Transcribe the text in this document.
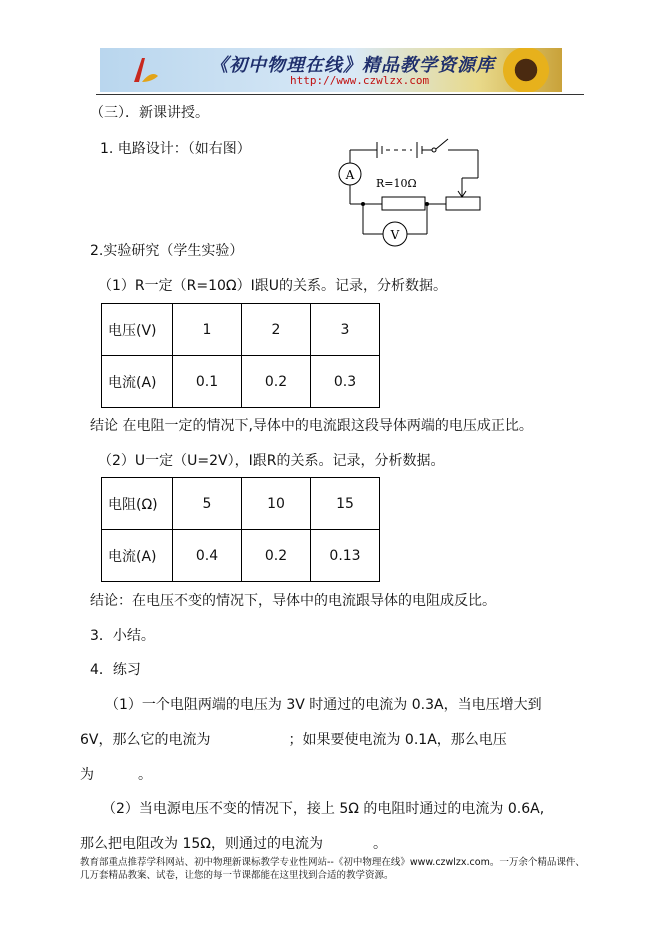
《初中物理在线》精品教学资源库
http://www.czwlzx.com
（三）．新课讲授。
1. 电路设计：（如右图）
A
V
R=10Ω
2.实验研究（学生实验）
（1）R一定（R=10Ω）I跟U的关系。记录，分析数据。
电压(V)	1	2	3
电流(A)	0.1	0.2	0.3
结论 在电阻一定的情况下,导体中的电流跟这段导体两端的电压成正比。
（2）U一定（U=2V），I跟R的关系。记录，分析数据。
电阻(Ω)	5	10	15
电流(A)	0.4	0.2	0.13
结论：在电压不变的情况下，导体中的电流跟导体的电阻成反比。
3．小结。
4．练习
（1）一个电阻两端的电压为 3V 时通过的电流为 0.3A，当电压增大到
6V，那么它的电流为	；如果要使电流为 0.1A，那么电压
为	。
（2）当电源电压不变的情况下，接上 5Ω 的电阻时通过的电流为 0.6A,
那么把电阻改为 15Ω，则通过的电流为	。
教育部重点推荐学科网站、初中物理新课标教学专业性网站--《初中物理在线》www.czwlzx.com。一万余个精品课件、
几万套精品教案、试卷，让您的每一节课都能在这里找到合适的教学资源。
